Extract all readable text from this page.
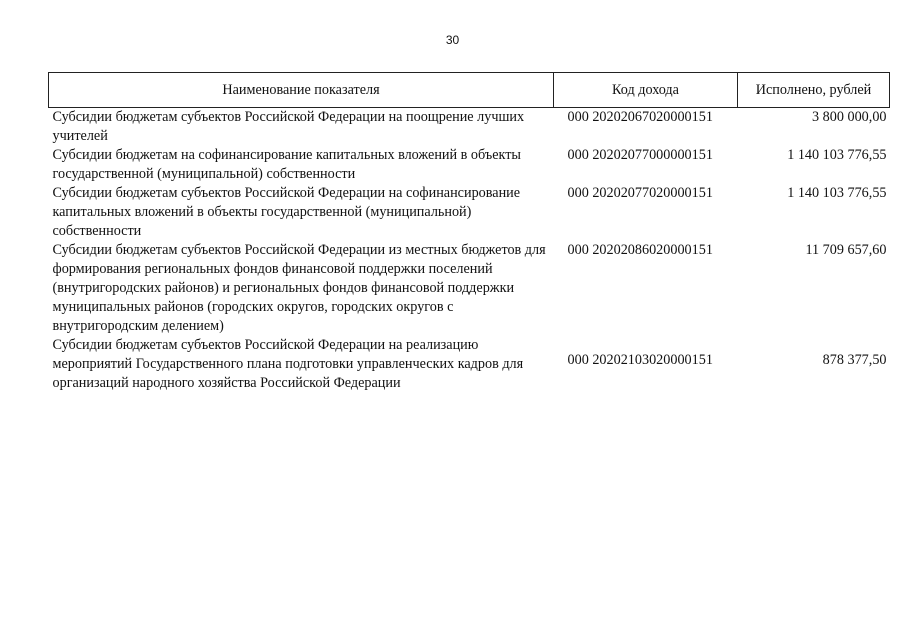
30
Наименование показателя	Код дохода	Исполнено, рублей
Субсидии бюджетам субъектов Российской Федерации на поощрение лучших учителей	000 20202067020000151	3 800 000,00
Субсидии бюджетам на софинансирование капитальных вложений в объекты государственной (муниципальной) собственности	000 20202077000000151	1 140 103 776,55
Субсидии бюджетам субъектов Российской Федерации на софинансирование капитальных вложений в объекты государственной (муниципальной) собственности	000 20202077020000151	1 140 103 776,55
Субсидии бюджетам субъектов Российской Федерации из местных бюджетов для формирования региональных фондов финансовой поддержки поселений (внутригородских районов) и региональных фондов финансовой поддержки муниципальных районов (городских округов, городских округов с внутригородским делением)	000 20202086020000151	11 709 657,60
Субсидии бюджетам субъектов Российской Федерации на реализацию мероприятий Государственного плана подготовки управленческих кадров для организаций народного хозяйства Российской Федерации	000 20202103020000151	878 377,50
